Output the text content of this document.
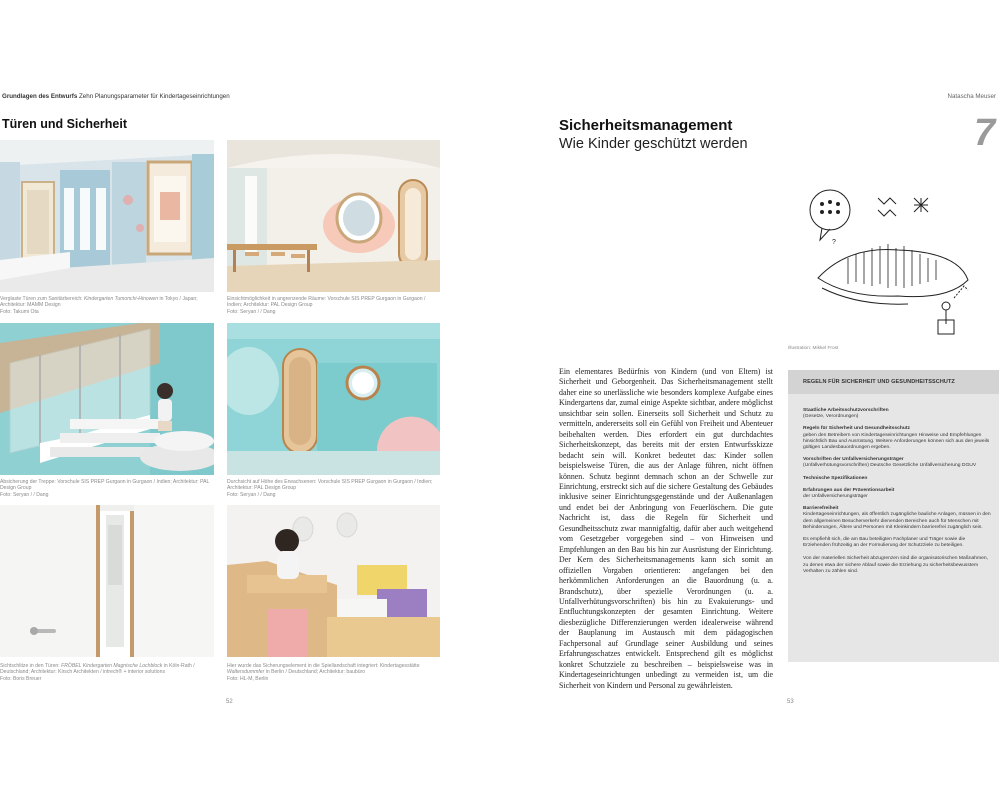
Grundlagen des Entwurfs Zehn Planungsparameter für Kindertageseinrichtungen	Natascha Meuser
Türen und Sicherheit
Verglaste Türen zum Sanitärbereich: Kindergarten Tumonchi-Hinowen in Tokyo / Japan; Architektur: MAMM Design
Foto: Takumi Ota
Einsichtmöglichkeit in angrenzende Räume: Vorschule SIS PREP Gurgaon in Gurgaon / Indien; Architektur: PAL Design Group
Foto: Seryan / / Dang
Absicherung der Treppe: Vorschule SIS PREP Gurgaon in Gurgaon / Indien; Architektur: PAL Design Group
Foto: Seryan / / Dang
Durchsicht auf Höhe des Erwachsenen: Vorschule SIS PREP Gurgaon in Gurgaon / Indien; Architektur: PAL Design Group
Foto: Seryan / / Dang
Sichtschlitze in den Türen: FRÖBEL Kindergarten Magnische Lochblock in Köln-Rath / Deutschland; Architektur: Kirsch Architekten / intrech® + interior solutions
Foto: Boris Breuer
Hier wurde das Sicherungselement in die Spiellandschaft integriert: Kindertagesstätte Waltersdummfer in Berlin / Deutschland; Architektur: baubüro
Foto: HL-M, Berlin
52
Sicherheitsmanagement
Wie Kinder geschützt werden	7
?
Illustration: Mikkel Frost
Ein elementares Bedürfnis von Kindern (und von Eltern) ist Sicherheit und Geborgenheit. Das Sicherheitsmanagement stellt daher eine so unerlässliche wie besonders komplexe Aufgabe eines Kindergartens dar, zumal einige Aspekte sichtbar, andere möglichst unsichtbar sein sollen. Einerseits soll Sicherheit und Schutz zu vermitteln, andererseits soll ein Gefühl von Freiheit und Abenteuer beibehalten werden. Dies erfordert ein gut durchdachtes Sicherheitskonzept, das bereits mit der ersten Entwurfsskizze bedacht sein will. Konkret bedeutet das: Kinder sollen beispielsweise Türen, die aus der Anlage führen, nicht öffnen können. Schutz beginnt demnach schon an der Schwelle zur Einrichtung, erstreckt sich auf die sichere Gestaltung des Gebäudes inklusive seiner Einrichtungsgegenstände und der Außenanlagen und endet bei der Anbringung von Feuerlöschern. Die gute Nachricht ist, dass die Regeln für Sicherheit und Gesundheitsschutz zwar mannigfaltig, dafür aber auch weitgehend vom Gesetzgeber vorgegeben sind – von Hinweisen und Empfehlungen an den Bau bis hin zur Ausrüstung der Einrichtung. Der Kern des Sicherheitsmanagements kann sich somit an offiziellen Vorgaben orientieren: angefangen bei den herkömmlichen Anforderungen an die Bauordnung (u. a. Brandschutz), über spezielle Verordnungen (u. a. Unfallverhütungsvorschriften) bis hin zu Evakuierungs- und Entfluchtungskonzepten der gesamten Einrichtung. Weitere diesbezügliche Differenzierungen werden idealerweise während der Bauplanung im Austausch mit dem pädagogischen Fachpersonal auf Grundlage seiner Ausbildung und seines Erfahrungsschatzes entwickelt. Entsprechend gilt es möglichst konkret Schutzziele zu beschreiben – beispielsweise was in Kindertageseinrichtungen unbedingt zu vermeiden ist, um die Sicherheit von Kindern und Personal zu gewährleisten.
REGELN FÜR SICHERHEIT UND GESUNDHEITSSCHUTZ
Staatliche Arbeitsschutzvorschriften
(Gesetze, Verordnungen)
Regeln für Sicherheit und Gesundheitsschutz
geben den Betreibern von Kindertageseinrichtungen Hinweise und Empfehlungen hinsichtlich Bau und Ausrüstung. Weitere Anforderungen können sich aus den jeweils gültigen Landesbauordnungen ergeben.
Vorschriften der Unfallversicherungsträger
(Unfallverhütungsvorschriften) Deutsche Gesetzliche Unfallversicherung DGUV
Technische Spezifikationen
Erfahrungen aus der Präventionsarbeit
der Unfallversicherungsträger
Barrierefreiheit
Kindertageseinrichtungen, als öffentlich zugängliche bauliche Anlagen, müssen in den dem allgemeinen Besucherverkehr dienenden Bereichen auch für Menschen mit Behinderungen, Ältere und Personen mit Kleinkindern barrierefrei zugänglich sein.
Es empfiehlt sich, die am Bau beteiligten Fachplaner und Träger sowie die Erziehenden frühzeitig an der Formulierung der Schutzziele zu beteiligen.
Von der materiellen Sicherheit abzugrenzen sind die organisatorischen Maßnahmen, zu denen etwa der sichere Ablauf sowie die Erziehung zu sicherheitsbewusstem Verhalten zu zählen sind.
53
